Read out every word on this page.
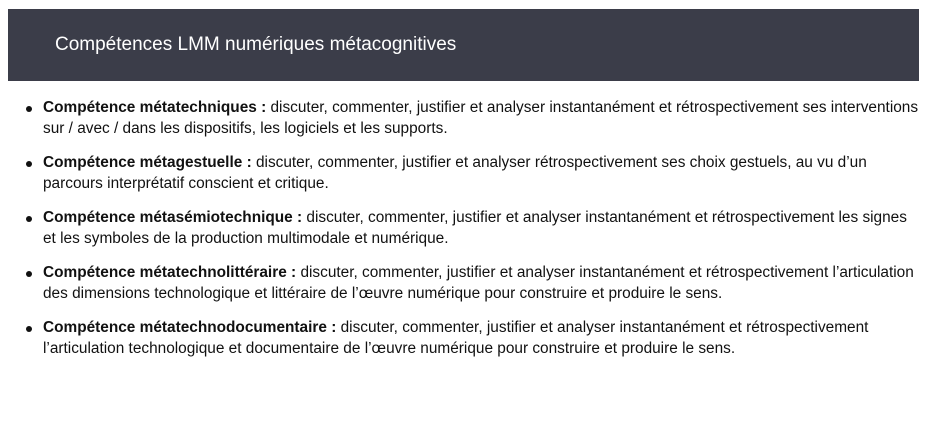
Compétences LMM numériques métacognitives
Compétence métatechniques : discuter, commenter, justifier et analyser instantanément et rétrospectivement ses interventions sur / avec / dans les dispositifs, les logiciels et les supports.
Compétence métagestuelle : discuter, commenter, justifier et analyser rétrospectivement ses choix gestuels, au vu d’un parcours interprétatif conscient et critique.
Compétence métasémiotechnique : discuter, commenter, justifier et analyser instantanément et rétrospectivement les signes et les symboles de la production multimodale et numérique.
Compétence métatechnolittéraire : discuter, commenter, justifier et analyser instantanément et rétrospectivement l’articulation des dimensions technologique et littéraire de l’œuvre numérique pour construire et produire le sens.
Compétence métatechnodocumentaire : discuter, commenter, justifier et analyser instantanément et rétrospectivement l’articulation technologique et documentaire de l’œuvre numérique pour construire et produire le sens.
